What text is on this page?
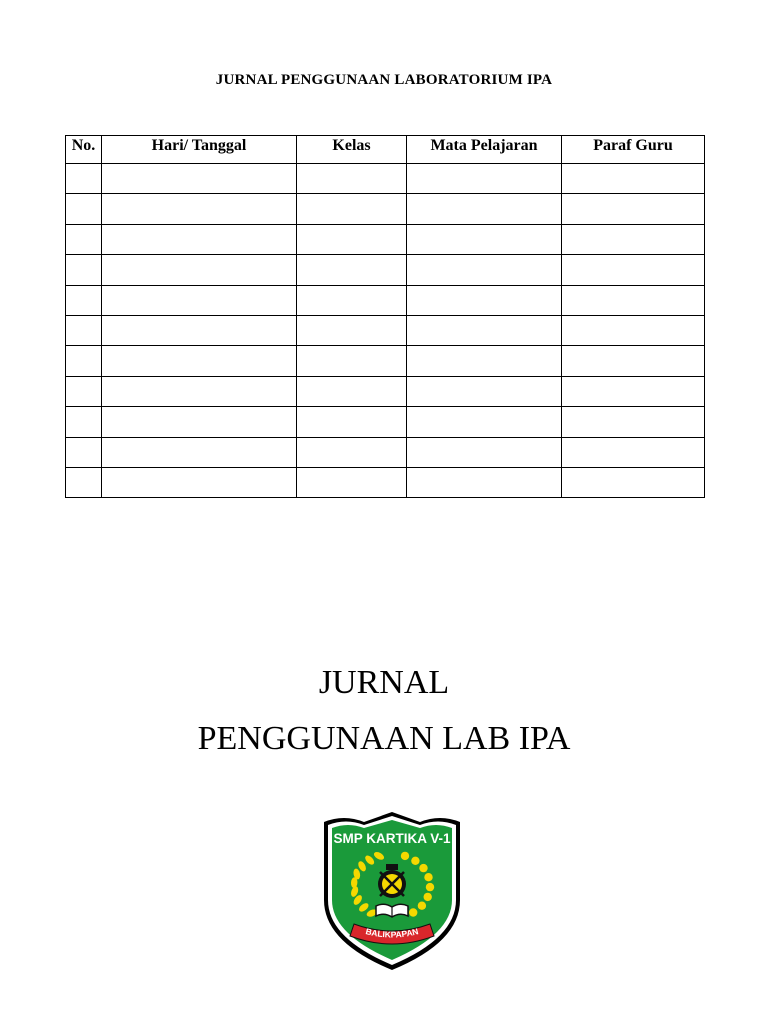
JURNAL PENGGUNAAN LABORATORIUM IPA
No.	Hari/ Tanggal	Kelas	Mata Pelajaran	Paraf Guru

JURNAL
PENGGUNAAN LAB IPA
SMP KARTIKA V-1
BALIKPAPAN
